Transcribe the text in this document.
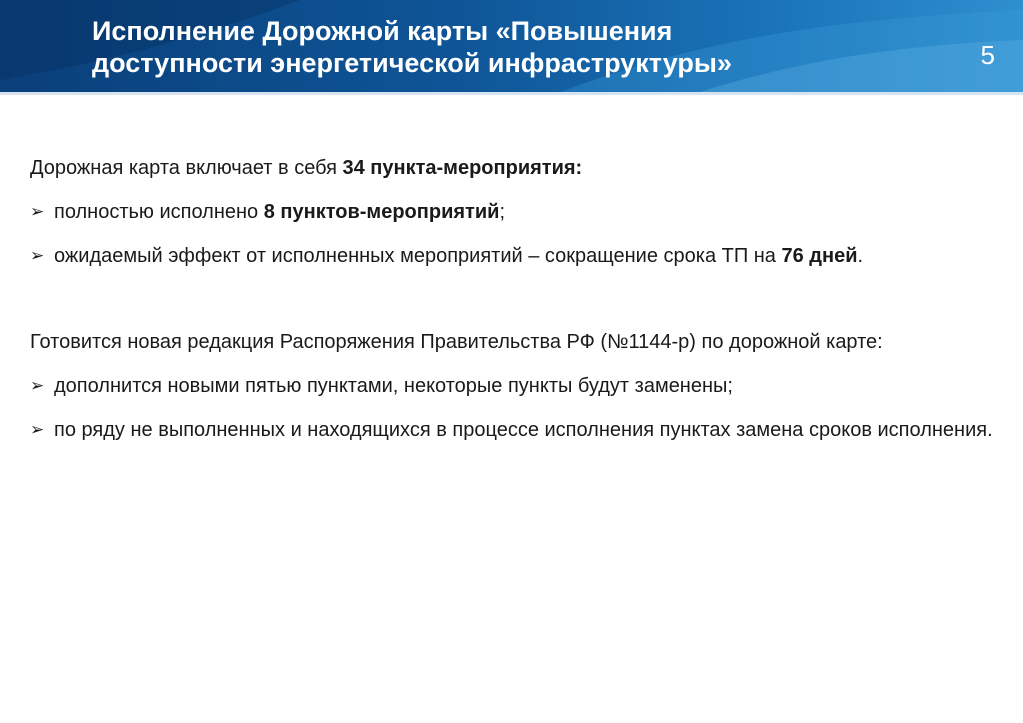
Исполнение Дорожной карты «Повышения
доступности энергетической инфраструктуры»	5
Дорожная карта включает в себя 34 пункта-мероприятия:
➢ полностью исполнено 8 пунктов-мероприятий;
➢ ожидаемый эффект от исполненных мероприятий – сокращение срока ТП на 76 дней.
Готовится новая редакция Распоряжения Правительства РФ (№1144-р) по дорожной карте:
➢ дополнится новыми пятью пунктами, некоторые пункты будут заменены;
➢ по ряду не выполненных и находящихся в процессе исполнения пунктах замена сроков исполнения.
